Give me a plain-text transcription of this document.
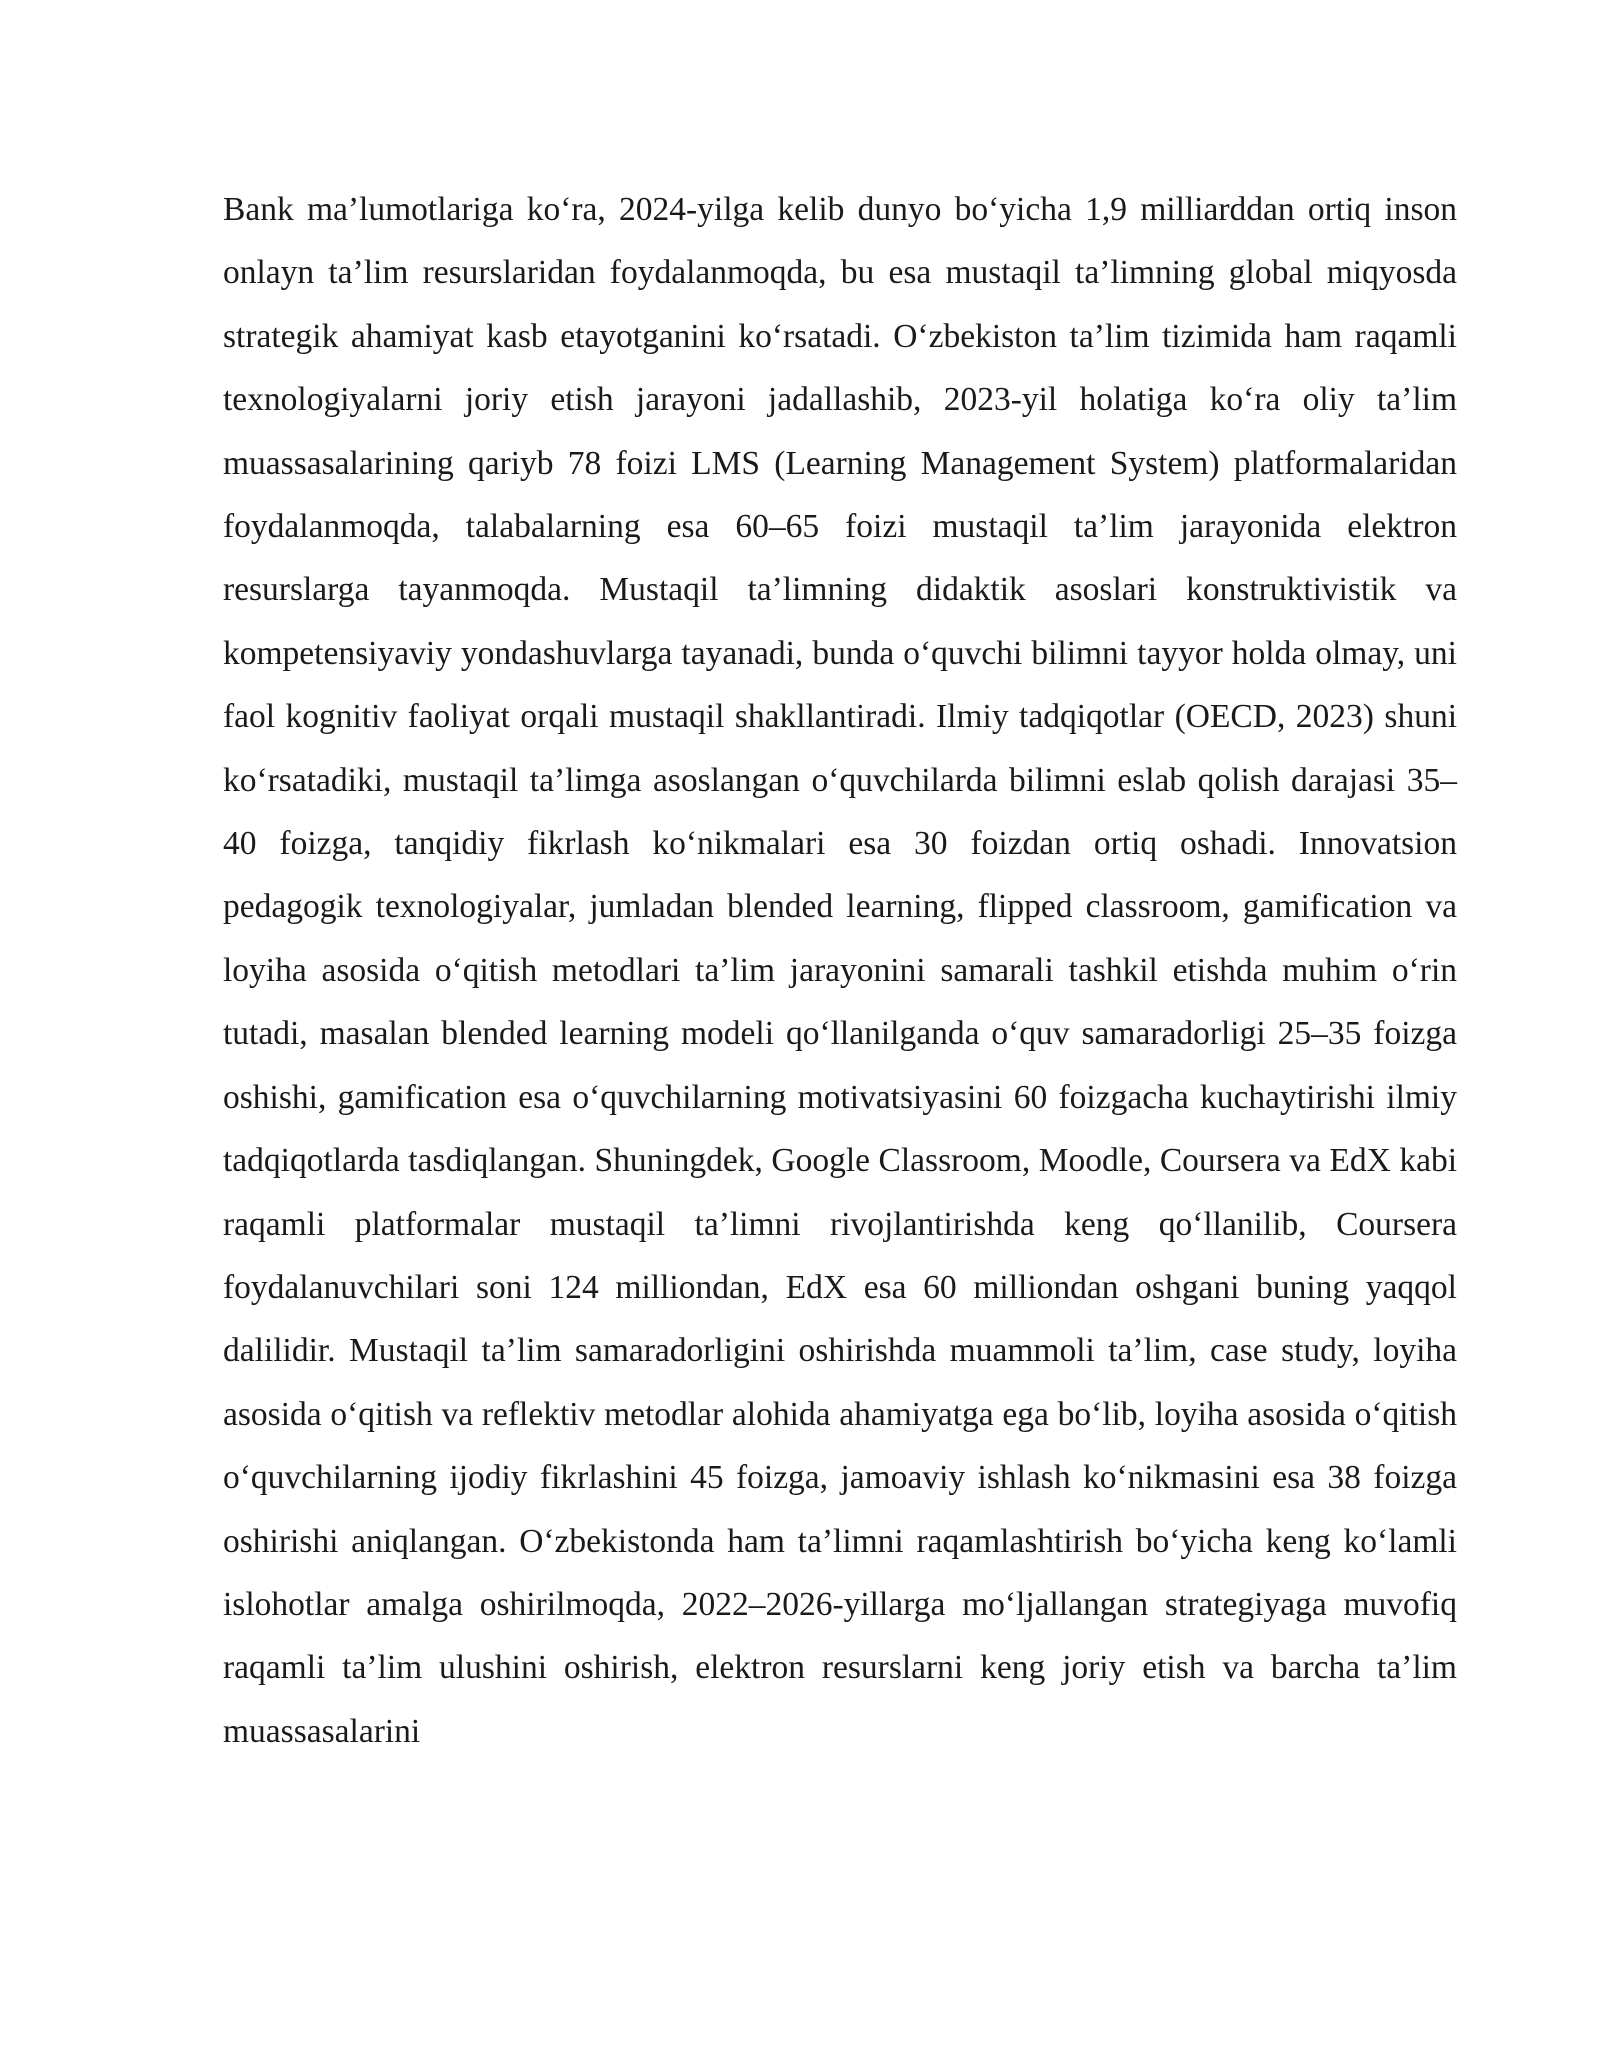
Bank ma’lumotlariga ko‘ra, 2024-yilga kelib dunyo bo‘yicha 1,9 milliarddan ortiq inson onlayn ta’lim resurslaridan foydalanmoqda, bu esa mustaqil ta’limning global miqyosda strategik ahamiyat kasb etayotganini ko‘rsatadi. O‘zbekiston ta’lim tizimida ham raqamli texnologiyalarni joriy etish jarayoni jadallashib, 2023-yil holatiga ko‘ra oliy ta’lim muassasalarining qariyb 78 foizi LMS (Learning Management System) platformalaridan foydalanmoqda, talabalarning esa 60–65 foizi mustaqil ta’lim jarayonida elektron resurslarga tayanmoqda. Mustaqil ta’limning didaktik asoslari konstruktivistik va kompetensiyaviy yondashuvlarga tayanadi, bunda o‘quvchi bilimni tayyor holda olmay, uni faol kognitiv faoliyat orqali mustaqil shakllantiradi. Ilmiy tadqiqotlar (OECD, 2023) shuni ko‘rsatadiki, mustaqil ta’limga asoslangan o‘quvchilarda bilimni eslab qolish darajasi 35–40 foizga, tanqidiy fikrlash ko‘nikmalari esa 30 foizdan ortiq oshadi. Innovatsion pedagogik texnologiyalar, jumladan blended learning, flipped classroom, gamification va loyiha asosida o‘qitish metodlari ta’lim jarayonini samarali tashkil etishda muhim o‘rin tutadi, masalan blended learning modeli qo‘llanilganda o‘quv samaradorligi 25–35 foizga oshishi, gamification esa o‘quvchilarning motivatsiyasini 60 foizgacha kuchaytirishi ilmiy tadqiqotlarda tasdiqlangan. Shuningdek, Google Classroom, Moodle, Coursera va EdX kabi raqamli platformalar mustaqil ta’limni rivojlantirishda keng qo‘llanilib, Coursera foydalanuvchilari soni 124 milliondan, EdX esa 60 milliondan oshgani buning yaqqol dalilidir. Mustaqil ta’lim samaradorligini oshirishda muammoli ta’lim, case study, loyiha asosida o‘qitish va reflektiv metodlar alohida ahamiyatga ega bo‘lib, loyiha asosida o‘qitish o‘quvchilarning ijodiy fikrlashini 45 foizga, jamoaviy ishlash ko‘nikmasini esa 38 foizga oshirishi aniqlangan. O‘zbekistonda ham ta’limni raqamlashtirish bo‘yicha keng ko‘lamli islohotlar amalga oshirilmoqda, 2022–2026-yillarga mo‘ljallangan strategiyaga muvofiq raqamli ta’lim ulushini oshirish, elektron resurslarni keng joriy etish va barcha ta’lim muassasalarini
